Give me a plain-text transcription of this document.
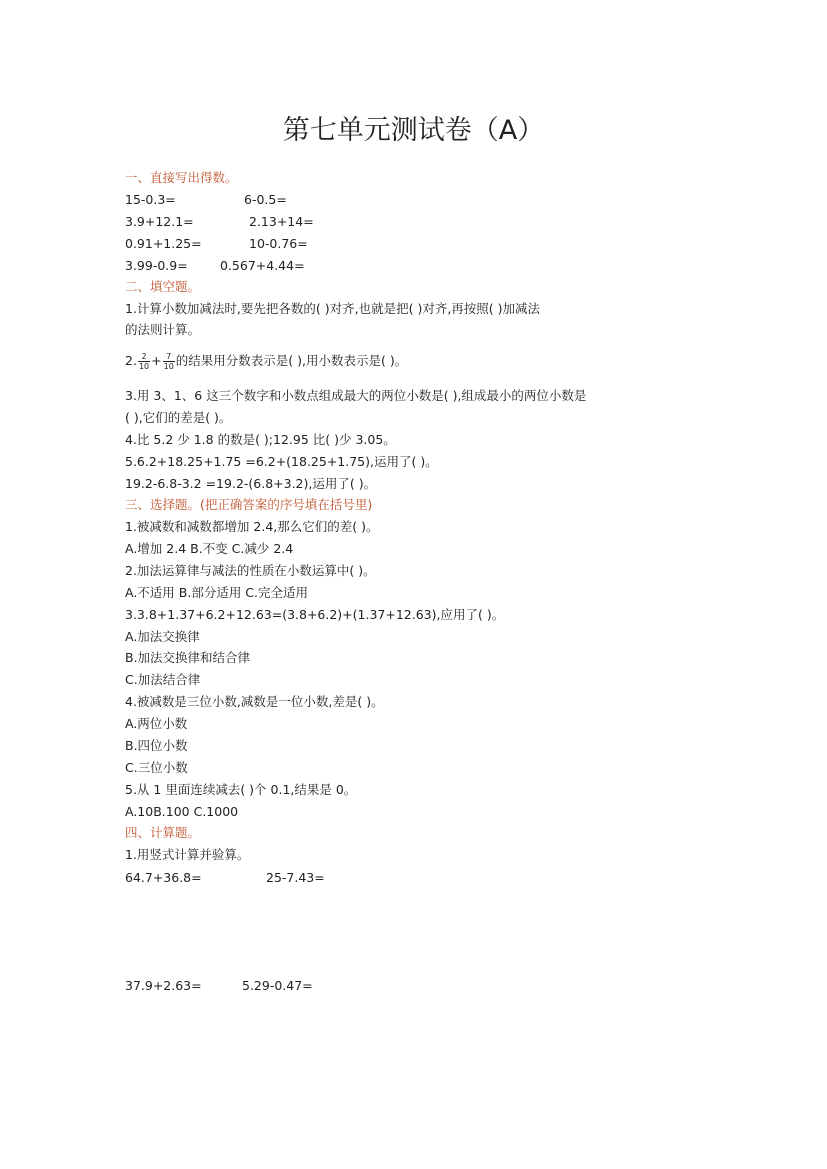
第七单元测试卷（A）
一、直接写出得数。
15-0.3=	6-0.5=
3.9+12.1=	2.13+14=
0.91+1.25=	10-0.76=
3.99-0.9=	0.567+4.44=
二、填空题。
1.计算小数加减法时,要先把各数的( )对齐,也就是把( )对齐,再按照( )加减法
的法则计算。
2. $\frac{2}{10} + \frac{7}{10}$ 的结果用分数表示是( ),用小数表示是( )。
3.用 3、1、6 这三个数字和小数点组成最大的两位小数是( ),组成最小的两位小数是
( ),它们的差是( )。
4.比 5.2 少 1.8 的数是( );12.95 比( )少 3.05。
5.6.2+18.25+1.75 =6.2+(18.25+1.75),运用了( )。
19.2-6.8-3.2 =19.2-(6.8+3.2),运用了( )。
三、选择题。(把正确答案的序号填在括号里)
1.被减数和减数都增加 2.4,那么它们的差( )。
A.增加 2.4 B.不变 C.减少 2.4
2.加法运算律与减法的性质在小数运算中( )。
A.不适用 B.部分适用 C.完全适用
3.3.8+1.37+6.2+12.63=(3.8+6.2)+(1.37+12.63),应用了( )。
A.加法交换律
B.加法交换律和结合律
C.加法结合律
4.被减数是三位小数,减数是一位小数,差是( )。
A.两位小数
B.四位小数
C.三位小数
5.从 1 里面连续减去( )个 0.1,结果是 0。
A.10B.100 C.1000
四、计算题。
1.用竖式计算并验算。
64.7+36.8=	25-7.43=
37.9+2.63=	5.29-0.47=
